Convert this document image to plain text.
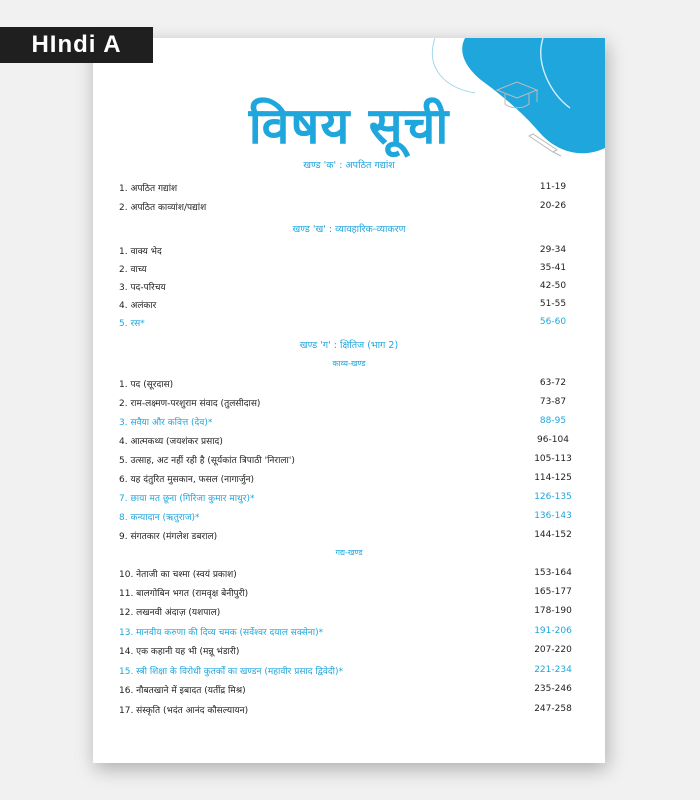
HIndi A
विषय सूची
खण्ड 'क' : अपठित गद्यांश
खण्ड 'ख' : व्यावहारिक-व्याकरण
खण्ड 'ग' : क्षितिज (भाग 2)
काव्य-खण्ड
गद्य-खण्ड
1. अपठित गद्यांश	11-19
2. अपठित काव्यांश/पद्यांश	20-26
1. वाक्य भेद	29-34
2. वाच्य	35-41
3. पद-परिचय	42-50
4. अलंकार	51-55
5. रस*	56-60
1. पद (सूरदास)	63-72
2. राम-लक्ष्मण-परशुराम संवाद (तुलसीदास)	73-87
3. सवैया और कवित्त (देव)*	88-95
4. आत्मकथ्य (जयशंकर प्रसाद)	96-104
5. उत्साह, अट नहीं रही है (सूर्यकांत त्रिपाठी 'निराला')	105-113
6. यह दंतुरित मुसकान, फसल (नागार्जुन)	114-125
7. छाया मत छूना (गिरिजा कुमार माथुर)*	126-135
8. कन्यादान (ऋतुराज)*	136-143
9. संगतकार (मंगलेश डबराल)	144-152
10. नेताजी का चश्मा (स्वयं प्रकाश)	153-164
11. बालगोबिन भगत (रामवृक्ष बेनीपुरी)	165-177
12. लखनवी अंदाज़ (यशपाल)	178-190
13. मानवीय करुणा की दिव्य चमक (सर्वेश्वर दयाल सक्सेना)*	191-206
14. एक कहानी यह भी (मन्नू भंडारी)	207-220
15. स्त्री शिक्षा के विरोधी कुतर्कों का खण्डन (महावीर प्रसाद द्विवेदी)*	221-234
16. नौबतखाने में इबादत (यतींद्र मिश्र)	235-246
17. संस्कृति (भदंत आनंद कौसल्यायन)	247-258
